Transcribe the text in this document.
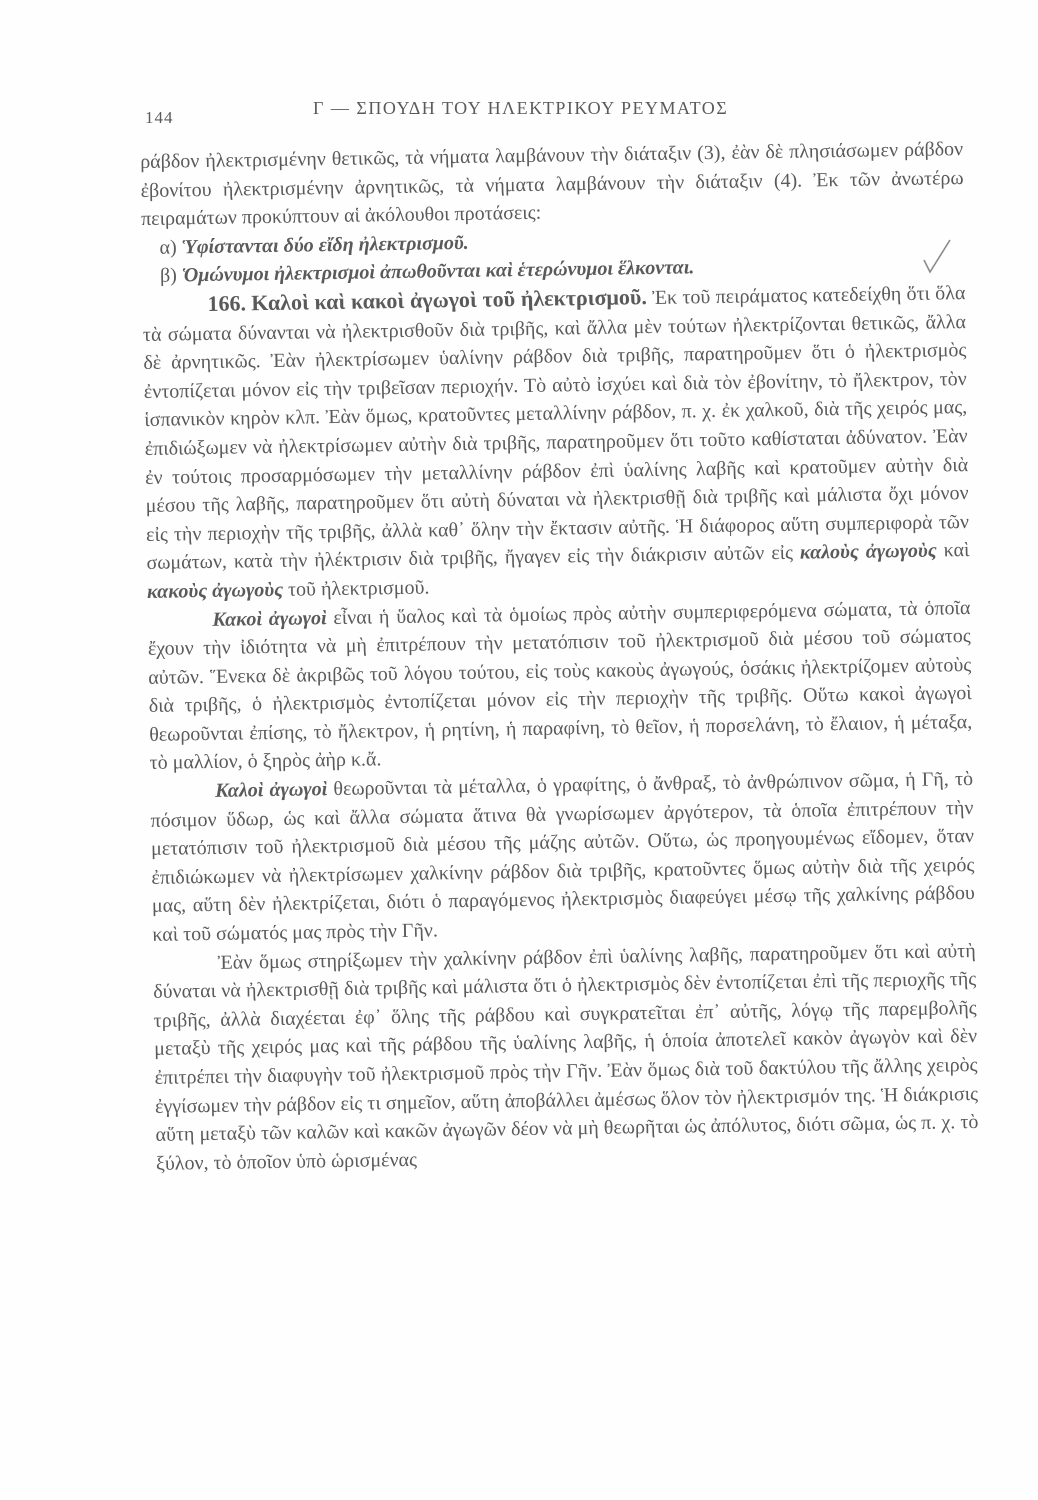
144	Γ — ΣΠΟΥΔΗ ΤΟΥ ΗΛΕΚΤΡΙΚΟΥ ΡΕΥΜΑΤΟΣ

ράβδον ἠλεκτρισμένην θετικῶς, τὰ νήματα λαμβάνουν τὴν διάταξιν (3), ἐὰν δὲ πλησιάσωμεν ράβδον ἐβονίτου ἠλεκτρισμένην ἀρνητικῶς, τὰ νήματα λαμβάνουν τὴν διάταξιν (4). Ἐκ τῶν ἀνωτέρω πειραμάτων προκύπτουν αἱ ἀκόλουθοι προτάσεις:

α) Ὑφίστανται δύο εἴδη ἠλεκτρισμοῦ.

β) Ὁμώνυμοι ἠλεκτρισμοὶ ἀπωθοῦνται καὶ ἑτερώνυμοι ἕλκονται.

166. Καλοὶ καὶ κακοὶ ἀγωγοὶ τοῦ ἠλεκτρισμοῦ. Ἐκ τοῦ πειράματος κατεδείχθη ὅτι ὅλα τὰ σώματα δύνανται νὰ ἠλεκτρισθοῦν διὰ τριβῆς, καὶ ἄλλα μὲν τούτων ἠλεκτρίζονται θετικῶς, ἄλλα δὲ ἀρνητικῶς. Ἐὰν ἠλεκτρίσωμεν ὑαλίνην ράβδον διὰ τριβῆς, παρατηροῦμεν ὅτι ὁ ἠλεκτρισμὸς ἐντοπίζεται μόνον εἰς τὴν τριβεῖσαν περιοχήν. Τὸ αὐτὸ ἰσχύει καὶ διὰ τὸν ἐβονίτην, τὸ ἤλεκτρον, τὸν ἱσπανικὸν κηρὸν κλπ. Ἐὰν ὅμως, κρατοῦντες μεταλλίνην ράβδον, π. χ. ἐκ χαλκοῦ, διὰ τῆς χειρός μας, ἐπιδιώξωμεν νὰ ἠλεκτρίσωμεν αὐτὴν διὰ τριβῆς, παρατηροῦμεν ὅτι τοῦτο καθίσταται ἀδύνατον. Ἐὰν ἐν τούτοις προσαρμόσωμεν τὴν μεταλλίνην ράβδον ἐπὶ ὑαλίνης λαβῆς καὶ κρατοῦμεν αὐτὴν διὰ μέσου τῆς λαβῆς, παρατηροῦμεν ὅτι αὐτὴ δύναται νὰ ἠλεκτρισθῇ διὰ τριβῆς καὶ μάλιστα ὄχι μόνον εἰς τὴν περιοχὴν τῆς τριβῆς, ἀλλὰ καθ᾽ ὅλην τὴν ἔκτασιν αὐτῆς. Ἡ διάφορος αὕτη συμπεριφορὰ τῶν σωμάτων, κατὰ τὴν ἠλέκτρισιν διὰ τριβῆς, ἤγαγεν εἰς τὴν διάκρισιν αὐτῶν εἰς καλοὺς ἀγωγοὺς καὶ κακοὺς ἀγωγοὺς τοῦ ἠλεκτρισμοῦ.

Κακοὶ ἀγωγοὶ εἶναι ἡ ὕαλος καὶ τὰ ὁμοίως πρὸς αὐτὴν συμπεριφερόμενα σώματα, τὰ ὁποῖα ἔχουν τὴν ἰδιότητα νὰ μὴ ἐπιτρέπουν τὴν μετατόπισιν τοῦ ἠλεκτρισμοῦ διὰ μέσου τοῦ σώματος αὐτῶν. Ἕνεκα δὲ ἀκριβῶς τοῦ λόγου τούτου, εἰς τοὺς κακοὺς ἀγωγούς, ὁσάκις ἠλεκτρίζομεν αὐτοὺς διὰ τριβῆς, ὁ ἠλεκτρισμὸς ἐντοπίζεται μόνον εἰς τὴν περιοχὴν τῆς τριβῆς. Οὕτω κακοὶ ἀγωγοὶ θεωροῦνται ἐπίσης, τὸ ἤλεκτρον, ἡ ρητίνη, ἡ παραφίνη, τὸ θεῖον, ἡ πορσελάνη, τὸ ἔλαιον, ἡ μέταξα, τὸ μαλλίον, ὁ ξηρὸς ἀὴρ κ.ἄ.

Καλοὶ ἀγωγοὶ θεωροῦνται τὰ μέταλλα, ὁ γραφίτης, ὁ ἄνθραξ, τὸ ἀνθρώπινον σῶμα, ἡ Γῆ, τὸ πόσιμον ὕδωρ, ὡς καὶ ἄλλα σώματα ἅτινα θὰ γνωρίσωμεν ἀργότερον, τὰ ὁποῖα ἐπιτρέπουν τὴν μετατόπισιν τοῦ ἠλεκτρισμοῦ διὰ μέσου τῆς μάζης αὐτῶν. Οὕτω, ὡς προηγουμένως εἴδομεν, ὅταν ἐπιδιώκωμεν νὰ ἠλεκτρίσωμεν χαλκίνην ράβδον διὰ τριβῆς, κρατοῦντες ὅμως αὐτὴν διὰ τῆς χειρός μας, αὕτη δὲν ἠλεκτρίζεται, διότι ὁ παραγόμενος ἠλεκτρισμὸς διαφεύγει μέσῳ τῆς χαλκίνης ράβδου καὶ τοῦ σώματός μας πρὸς τὴν Γῆν.

Ἐὰν ὅμως στηρίξωμεν τὴν χαλκίνην ράβδον ἐπὶ ὑαλίνης λαβῆς, παρατηροῦμεν ὅτι καὶ αὐτὴ δύναται νὰ ἠλεκτρισθῇ διὰ τριβῆς καὶ μάλιστα ὅτι ὁ ἠλεκτρισμὸς δὲν ἐντοπίζεται ἐπὶ τῆς περιοχῆς τῆς τριβῆς, ἀλλὰ διαχέεται ἐφ᾽ ὅλης τῆς ράβδου καὶ συγκρατεῖται ἐπ᾽ αὐτῆς, λόγῳ τῆς παρεμβολῆς μεταξὺ τῆς χειρός μας καὶ τῆς ράβδου τῆς ὑαλίνης λαβῆς, ἡ ὁποία ἀποτελεῖ κακὸν ἀγωγὸν καὶ δὲν ἐπιτρέπει τὴν διαφυγὴν τοῦ ἠλεκτρισμοῦ πρὸς τὴν Γῆν. Ἐὰν ὅμως διὰ τοῦ δακτύλου τῆς ἄλλης χειρὸς ἐγγίσωμεν τὴν ράβδον εἰς τι σημεῖον, αὕτη ἀποβάλλει ἀμέσως ὅλον τὸν ἠλεκτρισμόν της. Ἡ διάκρισις αὕτη μεταξὺ τῶν καλῶν καὶ κακῶν ἀγωγῶν δέον νὰ μὴ θεωρῆται ὡς ἀπόλυτος, διότι σῶμα, ὡς π. χ. τὸ ξύλον, τὸ ὁποῖον ὑπὸ ὡρισμένας
